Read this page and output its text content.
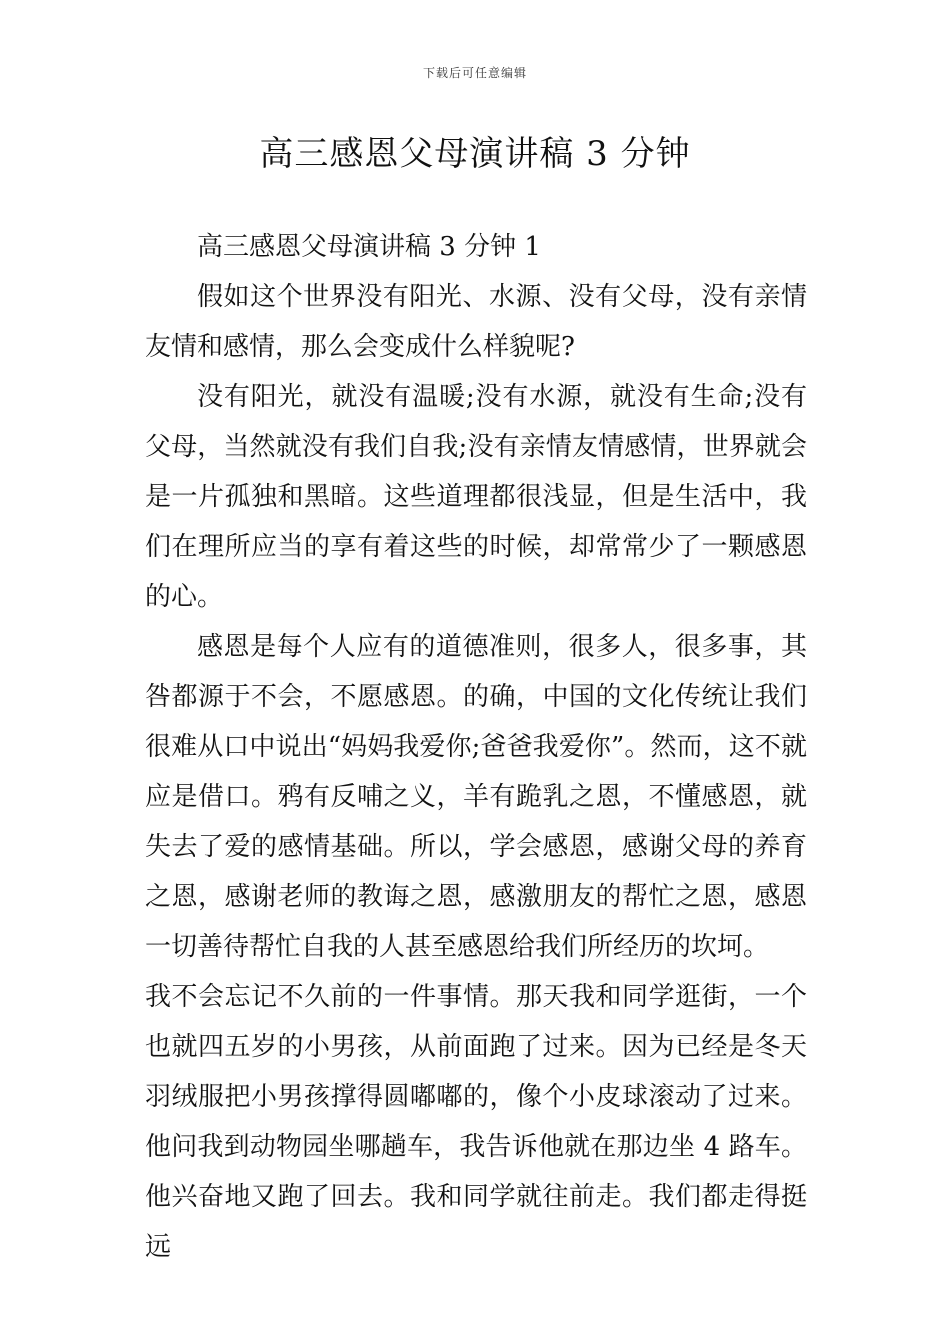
下载后可任意编辑
高三感恩父母演讲稿 3 分钟

高三感恩父母演讲稿 3 分钟 1

假如这个世界没有阳光、水源、没有父母，没有亲情友情和感情，那么会变成什么样貌呢?

没有阳光，就没有温暖;没有水源，就没有生命;没有父母，当然就没有我们自我;没有亲情友情感情，世界就会是一片孤独和黑暗。这些道理都很浅显，但是生活中，我们在理所应当的享有着这些的时候，却常常少了一颗感恩的心。

感恩是每个人应有的道德准则，很多人，很多事，其咎都源于不会，不愿感恩。的确，中国的文化传统让我们很难从口中说出“妈妈我爱你;爸爸我爱你”。然而，这不就应是借口。鸦有反哺之义，羊有跪乳之恩，不懂感恩，就失去了爱的感情基础。所以，学会感恩，感谢父母的养育之恩，感谢老师的教诲之恩，感激朋友的帮忙之恩，感恩一切善待帮忙自我的人甚至感恩给我们所经历的坎坷。

我不会忘记不久前的一件事情。那天我和同学逛街，一个也就四五岁的小男孩，从前面跑了过来。因为已经是冬天羽绒服把小男孩撑得圆嘟嘟的，像个小皮球滚动了过来。他问我到动物园坐哪趟车，我告诉他就在那边坐 4 路车。他兴奋地又跑了回去。我和同学就往前走。我们都走得挺远
